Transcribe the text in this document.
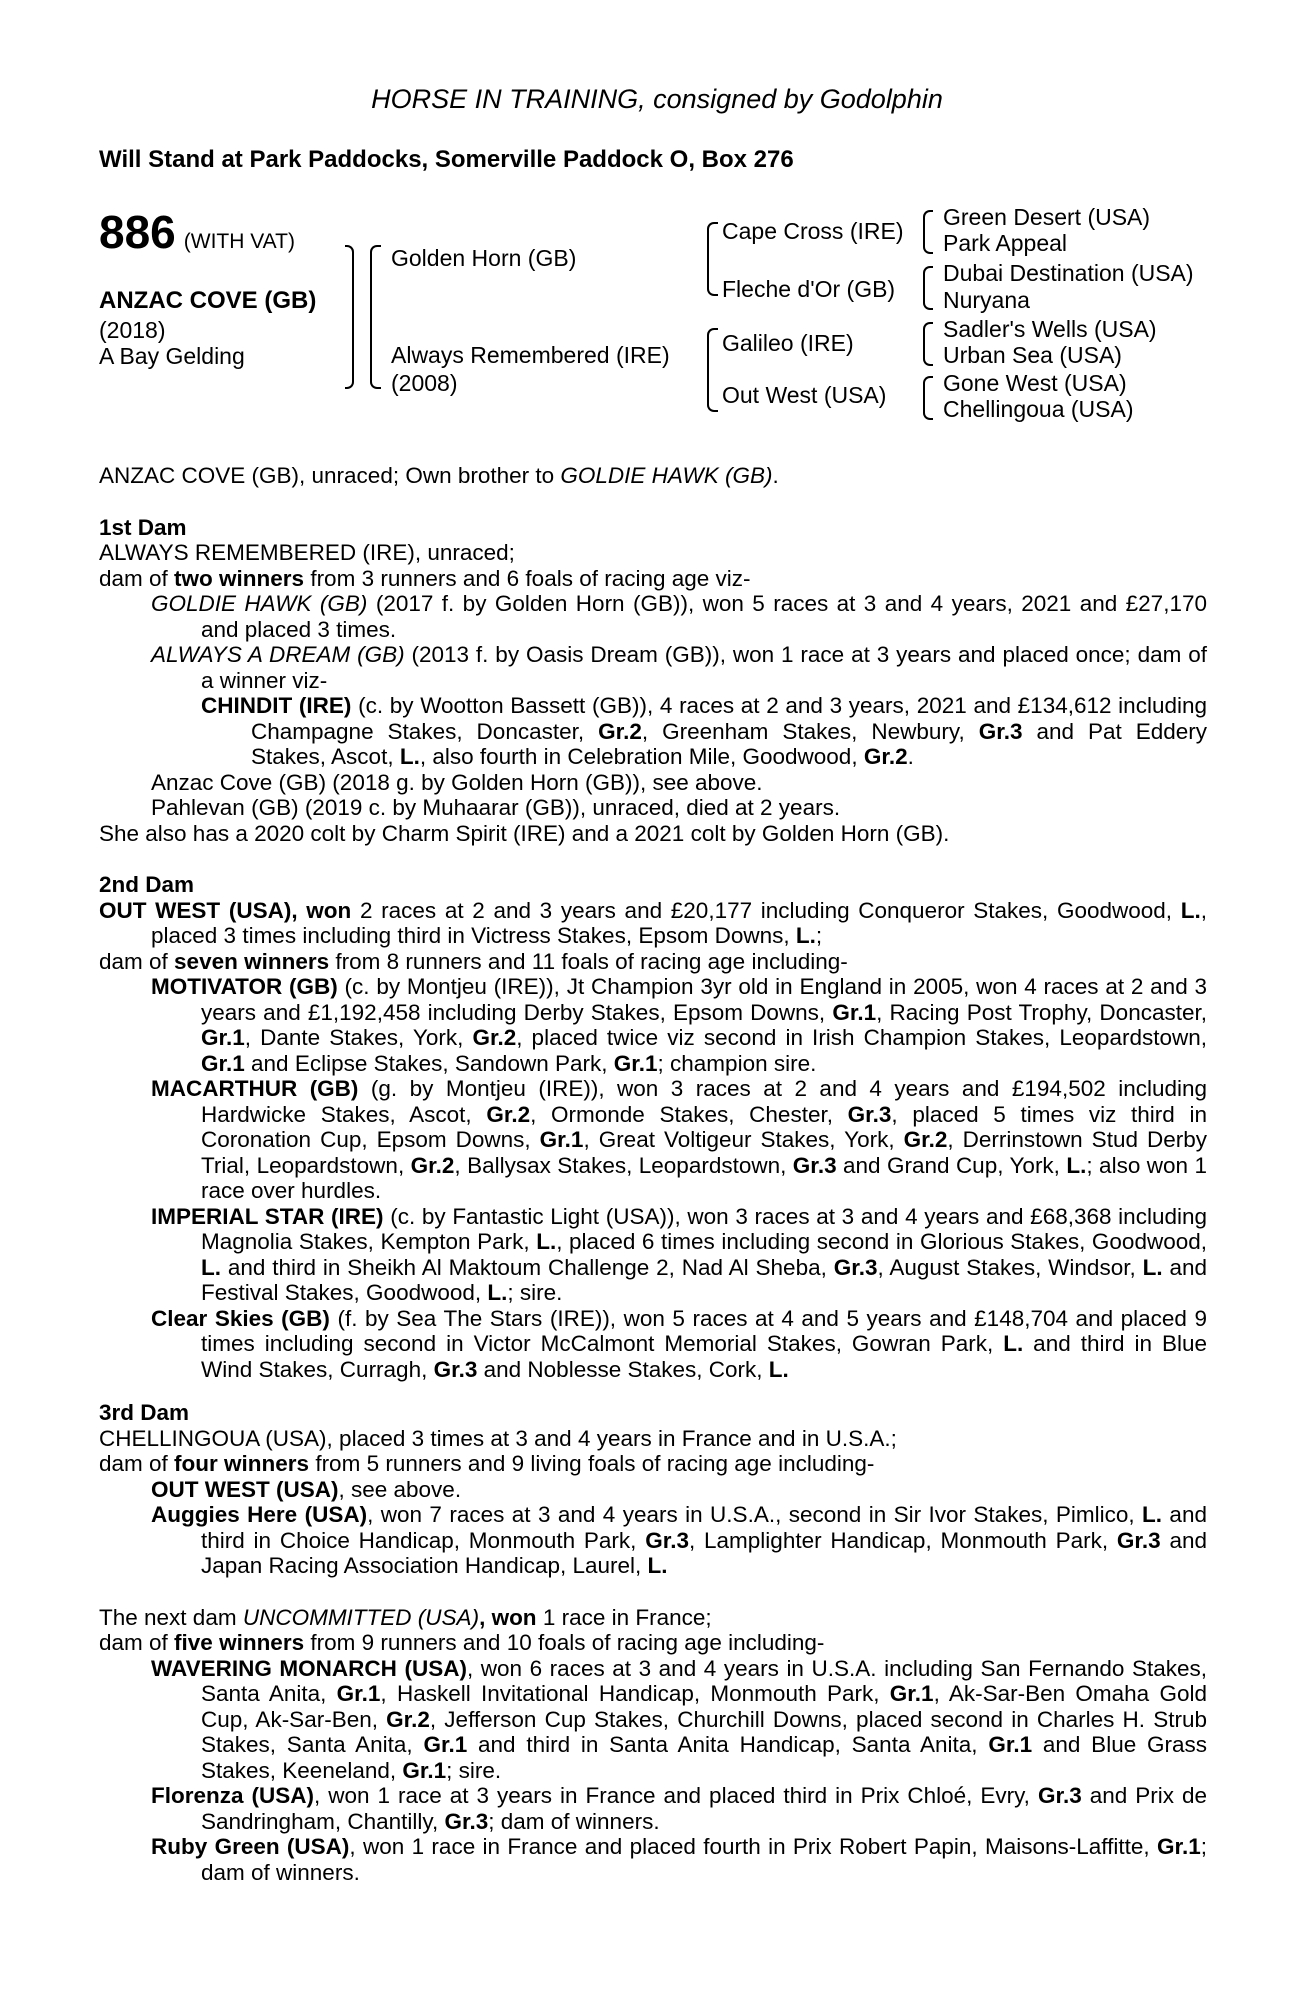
HORSE IN TRAINING, consigned by Godolphin
Will Stand at Park Paddocks, Somerville Paddock O, Box 276
886 (WITH VAT)
ANZAC COVE (GB)
(2018)
A Bay Gelding
Golden Horn (GB)
Always Remembered (IRE)
(2008)
Cape Cross (IRE)
Fleche d'Or (GB)
Galileo (IRE)
Out West (USA)
Green Desert (USA)
Park Appeal
Dubai Destination (USA)
Nuryana
Sadler's Wells (USA)
Urban Sea (USA)
Gone West (USA)
Chellingoua (USA)

ANZAC COVE (GB), unraced; Own brother to GOLDIE HAWK (GB).

1st Dam

ALWAYS REMEMBERED (IRE), unraced;

dam of two winners from 3 runners and 6 foals of racing age viz-

GOLDIE HAWK (GB) (2017 f. by Golden Horn (GB)), won 5 races at 3 and 4 years, 2021 and £27,170 and placed 3 times.

ALWAYS A DREAM (GB) (2013 f. by Oasis Dream (GB)), won 1 race at 3 years and placed once; dam of a winner viz-

CHINDIT (IRE) (c. by Wootton Bassett (GB)), 4 races at 2 and 3 years, 2021 and £134,612 including Champagne Stakes, Doncaster, Gr.2, Greenham Stakes, Newbury, Gr.3 and Pat Eddery Stakes, Ascot, L., also fourth in Celebration Mile, Goodwood, Gr.2.

Anzac Cove (GB) (2018 g. by Golden Horn (GB)), see above.

Pahlevan (GB) (2019 c. by Muhaarar (GB)), unraced, died at 2 years.

She also has a 2020 colt by Charm Spirit (IRE) and a 2021 colt by Golden Horn (GB).

2nd Dam

OUT WEST (USA), won 2 races at 2 and 3 years and £20,177 including Conqueror Stakes, Goodwood, L., placed 3 times including third in Victress Stakes, Epsom Downs, L.;

dam of seven winners from 8 runners and 11 foals of racing age including-

MOTIVATOR (GB) (c. by Montjeu (IRE)), Jt Champion 3yr old in England in 2005, won 4 races at 2 and 3 years and £1,192,458 including Derby Stakes, Epsom Downs, Gr.1, Racing Post Trophy, Doncaster, Gr.1, Dante Stakes, York, Gr.2, placed twice viz second in Irish Champion Stakes, Leopardstown, Gr.1 and Eclipse Stakes, Sandown Park, Gr.1; champion sire.

MACARTHUR (GB) (g. by Montjeu (IRE)), won 3 races at 2 and 4 years and £194,502 including Hardwicke Stakes, Ascot, Gr.2, Ormonde Stakes, Chester, Gr.3, placed 5 times viz third in Coronation Cup, Epsom Downs, Gr.1, Great Voltigeur Stakes, York, Gr.2, Derrinstown Stud Derby Trial, Leopardstown, Gr.2, Ballysax Stakes, Leopardstown, Gr.3 and Grand Cup, York, L.; also won 1 race over hurdles.

IMPERIAL STAR (IRE) (c. by Fantastic Light (USA)), won 3 races at 3 and 4 years and £68,368 including Magnolia Stakes, Kempton Park, L., placed 6 times including second in Glorious Stakes, Goodwood, L. and third in Sheikh Al Maktoum Challenge 2, Nad Al Sheba, Gr.3, August Stakes, Windsor, L. and Festival Stakes, Goodwood, L.; sire.

Clear Skies (GB) (f. by Sea The Stars (IRE)), won 5 races at 4 and 5 years and £148,704 and placed 9 times including second in Victor McCalmont Memorial Stakes, Gowran Park, L. and third in Blue Wind Stakes, Curragh, Gr.3 and Noblesse Stakes, Cork, L.

3rd Dam

CHELLINGOUA (USA), placed 3 times at 3 and 4 years in France and in U.S.A.;

dam of four winners from 5 runners and 9 living foals of racing age including-

OUT WEST (USA), see above.

Auggies Here (USA), won 7 races at 3 and 4 years in U.S.A., second in Sir Ivor Stakes, Pimlico, L. and third in Choice Handicap, Monmouth Park, Gr.3, Lamplighter Handicap, Monmouth Park, Gr.3 and Japan Racing Association Handicap, Laurel, L.

The next dam UNCOMMITTED (USA), won 1 race in France;

dam of five winners from 9 runners and 10 foals of racing age including-

WAVERING MONARCH (USA), won 6 races at 3 and 4 years in U.S.A. including San Fernando Stakes, Santa Anita, Gr.1, Haskell Invitational Handicap, Monmouth Park, Gr.1, Ak-Sar-Ben Omaha Gold Cup, Ak-Sar-Ben, Gr.2, Jefferson Cup Stakes, Churchill Downs, placed second in Charles H. Strub Stakes, Santa Anita, Gr.1 and third in Santa Anita Handicap, Santa Anita, Gr.1 and Blue Grass Stakes, Keeneland, Gr.1; sire.

Florenza (USA), won 1 race at 3 years in France and placed third in Prix Chloé, Evry, Gr.3 and Prix de Sandringham, Chantilly, Gr.3; dam of winners.

Ruby Green (USA), won 1 race in France and placed fourth in Prix Robert Papin, Maisons-Laffitte, Gr.1; dam of winners.
